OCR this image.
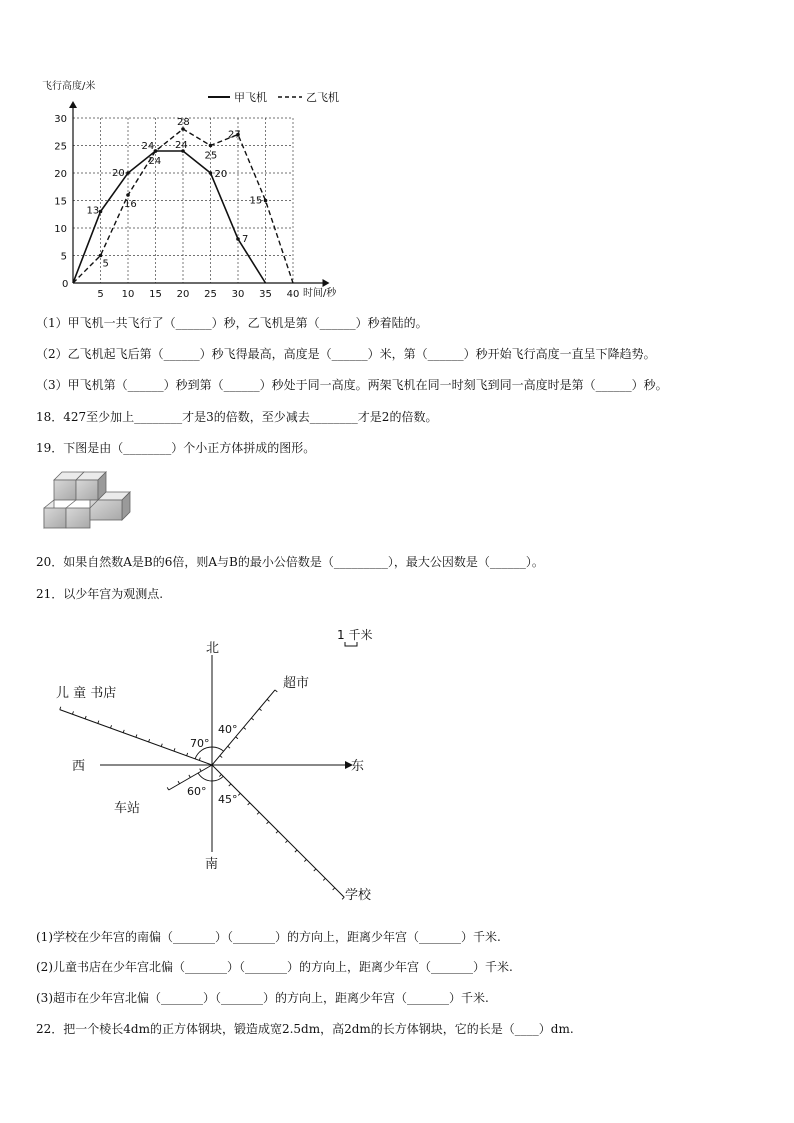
飞行高度/米
甲飞机	乙飞机
0
5 10 15 20 25 30 35 40
5
10
15
20
25
30
13
20
24 24
20
7
5
16
24
28
25
27
15
时间/秒
（1）甲飞机一共飞行了（______）秒，乙飞机是第（______）秒着陆的。
（2）乙飞机起飞后第（______）秒飞得最高，高度是（______）米，第（______）秒开始飞行高度一直呈下降趋势。
（3）甲飞机第（______）秒到第（______）秒处于同一高度。两架飞机在同一时刻飞到同一高度时是第（______）秒。
18．427至少加上________才是3的倍数，至少减去________才是2的倍数。
19．下图是由（________）个小正方体拼成的图形。
20．如果自然数A是B的6倍，则A与B的最小公倍数是（_________），最大公因数是（______）。
21．以少年宫为观测点.
1 千米
北
南
东
西
超市
儿 童 书店
车站
学校
40°
70°
60°
45°
(1)学校在少年宫的南偏（_______）（_______）的方向上，距离少年宫（_______）千米.
(2)儿童书店在少年宫北偏（_______）（_______）的方向上，距离少年宫（_______）千米.
(3)超市在少年宫北偏（_______）（_______）的方向上，距离少年宫（_______）千米.
22．把一个棱长4dm的正方体钢块，锻造成宽2.5dm，高2dm的长方体钢块，它的长是（____）dm.
